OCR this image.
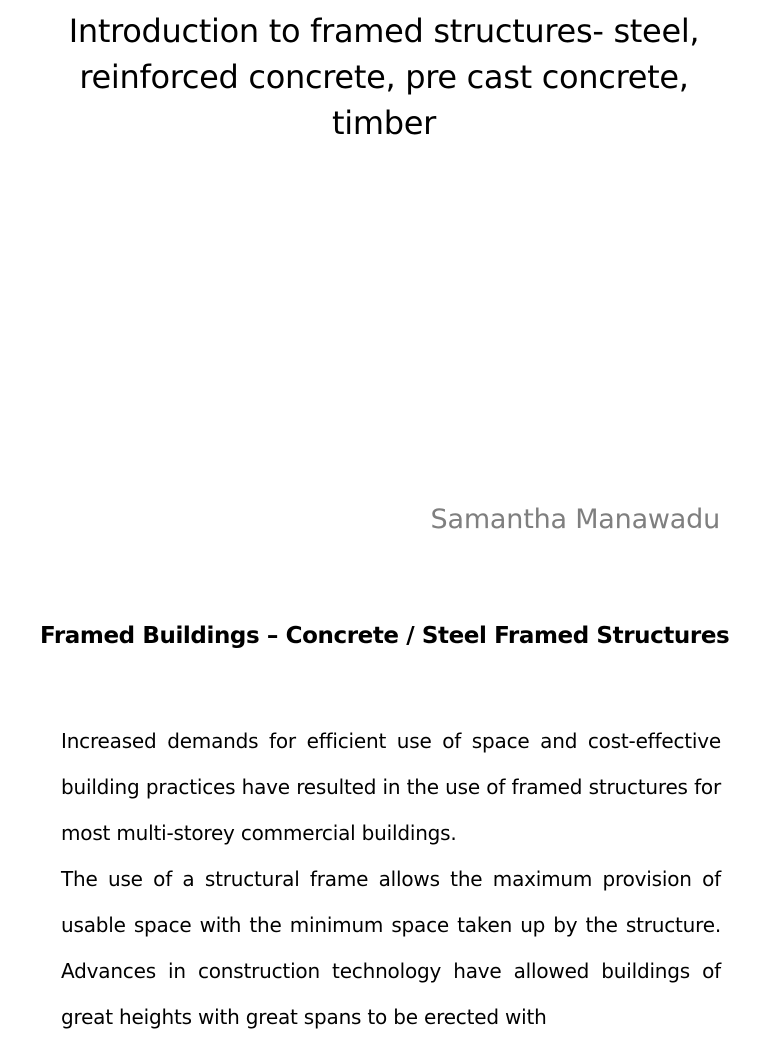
Introduction to framed structures- steel, reinforced concrete, pre cast concrete, timber
Samantha Manawadu
Framed Buildings – Concrete / Steel Framed Structures

Increased demands for efficient use of space and cost-effective building practices have resulted in the use of framed structures for most multi-storey commercial buildings.

The use of a structural frame allows the maximum provision of usable space with the minimum space taken up by the structure. Advances in construction technology have allowed buildings of great heights with great spans to be erected with
